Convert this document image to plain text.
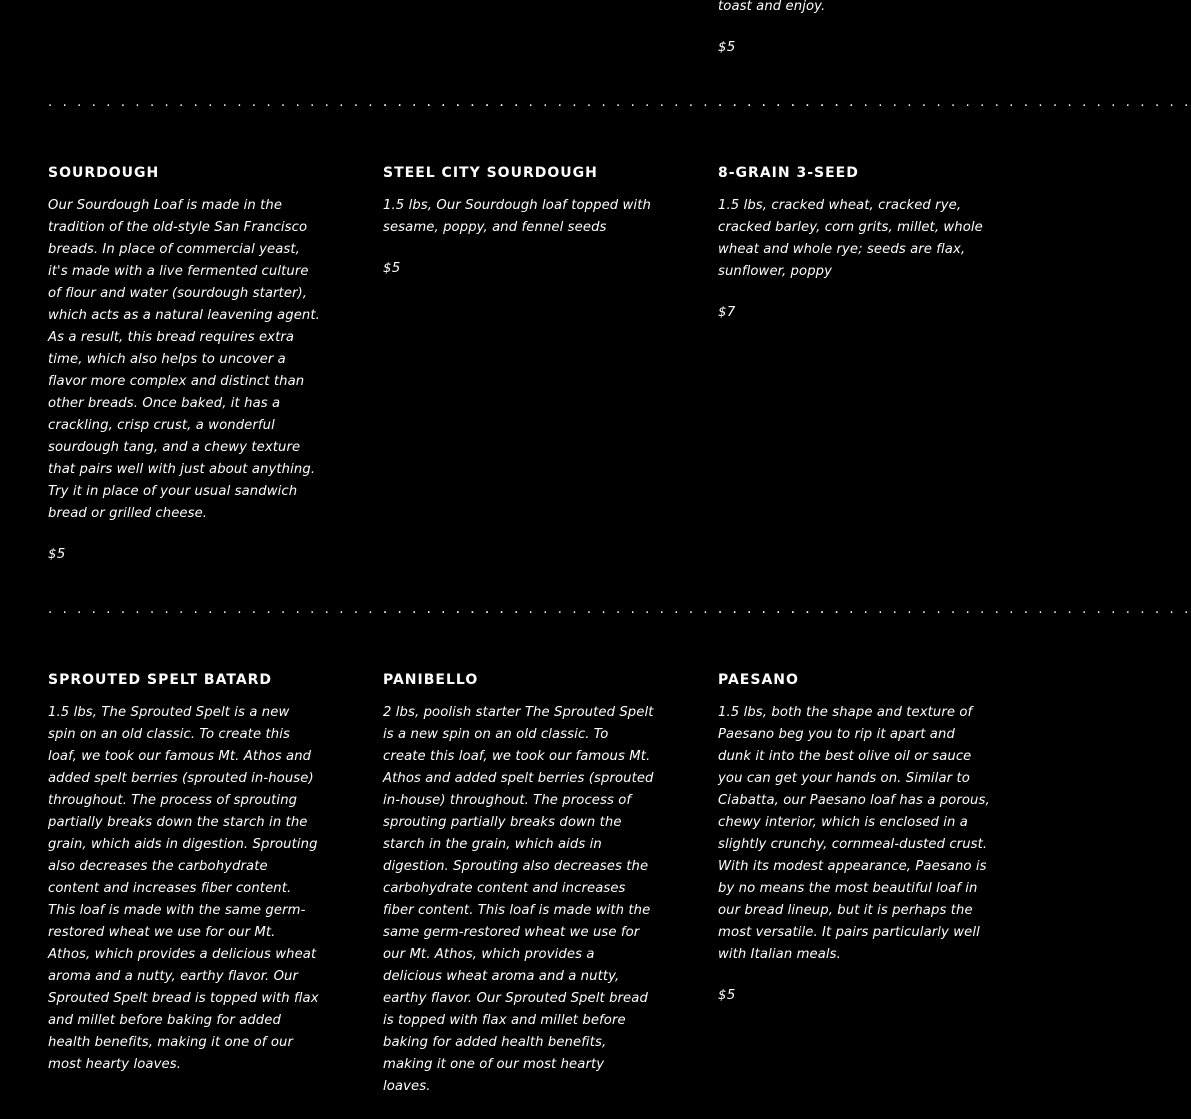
toast and enjoy.

$5

. . . . . . . . . . . . . . . . . . . . . . . . . . . . . . . . .
. . . . . . . . . . . . . . . . . . . . . . . . . . . . . . . . .
. . . . . . . . . . . . . . . . . . . . . . . . . . . . . . . . .
SOURDOUGH

Our Sourdough Loaf is made in the tradition of the old-style San Francisco breads. In place of commercial yeast, it's made with a live fermented culture of flour and water (sourdough starter), which acts as a natural leavening agent. As a result, this bread requires extra time, which also helps to uncover a flavor more complex and distinct than other breads. Once baked, it has a crackling, crisp crust, a wonderful sourdough tang, and a chewy texture that pairs well with just about anything. Try it in place of your usual sandwich bread or grilled cheese.

$5

STEEL CITY SOURDOUGH

1.5 lbs, Our Sourdough loaf topped with sesame, poppy, and fennel seeds

$5

8-GRAIN 3-SEED

1.5 lbs, cracked wheat, cracked rye, cracked barley, corn grits, millet, whole wheat and whole rye; seeds are flax, sunflower, poppy

$7

. . . . . . . . . . . . . . . . . . . . . . . . . . . . . . . . .
. . . . . . . . . . . . . . . . . . . . . . . . . . . . . . . . .
. . . . . . . . . . . . . . . . . . . . . . . . . . . . . . . . .
SPROUTED SPELT BATARD

1.5 lbs, The Sprouted Spelt is a new spin on an old classic. To create this loaf, we took our famous Mt. Athos and added spelt berries (sprouted in-house) throughout. The process of sprouting partially breaks down the starch in the grain, which aids in digestion. Sprouting also decreases the carbohydrate content and increases fiber content. This loaf is made with the same germ-restored wheat we use for our Mt. Athos, which provides a delicious wheat aroma and a nutty, earthy flavor. Our Sprouted Spelt bread is topped with flax and millet before baking for added health benefits, making it one of our most hearty loaves.

PANIBELLO

2 lbs, poolish starter The Sprouted Spelt is a new spin on an old classic. To create this loaf, we took our famous Mt. Athos and added spelt berries (sprouted in-house) throughout. The process of sprouting partially breaks down the starch in the grain, which aids in digestion. Sprouting also decreases the carbohydrate content and increases fiber content. This loaf is made with the same germ-restored wheat we use for our Mt. Athos, which provides a delicious wheat aroma and a nutty, earthy flavor. Our Sprouted Spelt bread is topped with flax and millet before baking for added health benefits, making it one of our most hearty loaves.

PAESANO

1.5 lbs, both the shape and texture of Paesano beg you to rip it apart and dunk it into the best olive oil or sauce you can get your hands on. Similar to Ciabatta, our Paesano loaf has a porous, chewy interior, which is enclosed in a slightly crunchy, cornmeal-dusted crust. With its modest appearance, Paesano is by no means the most beautiful loaf in our bread lineup, but it is perhaps the most versatile. It pairs particularly well with Italian meals.

$5
